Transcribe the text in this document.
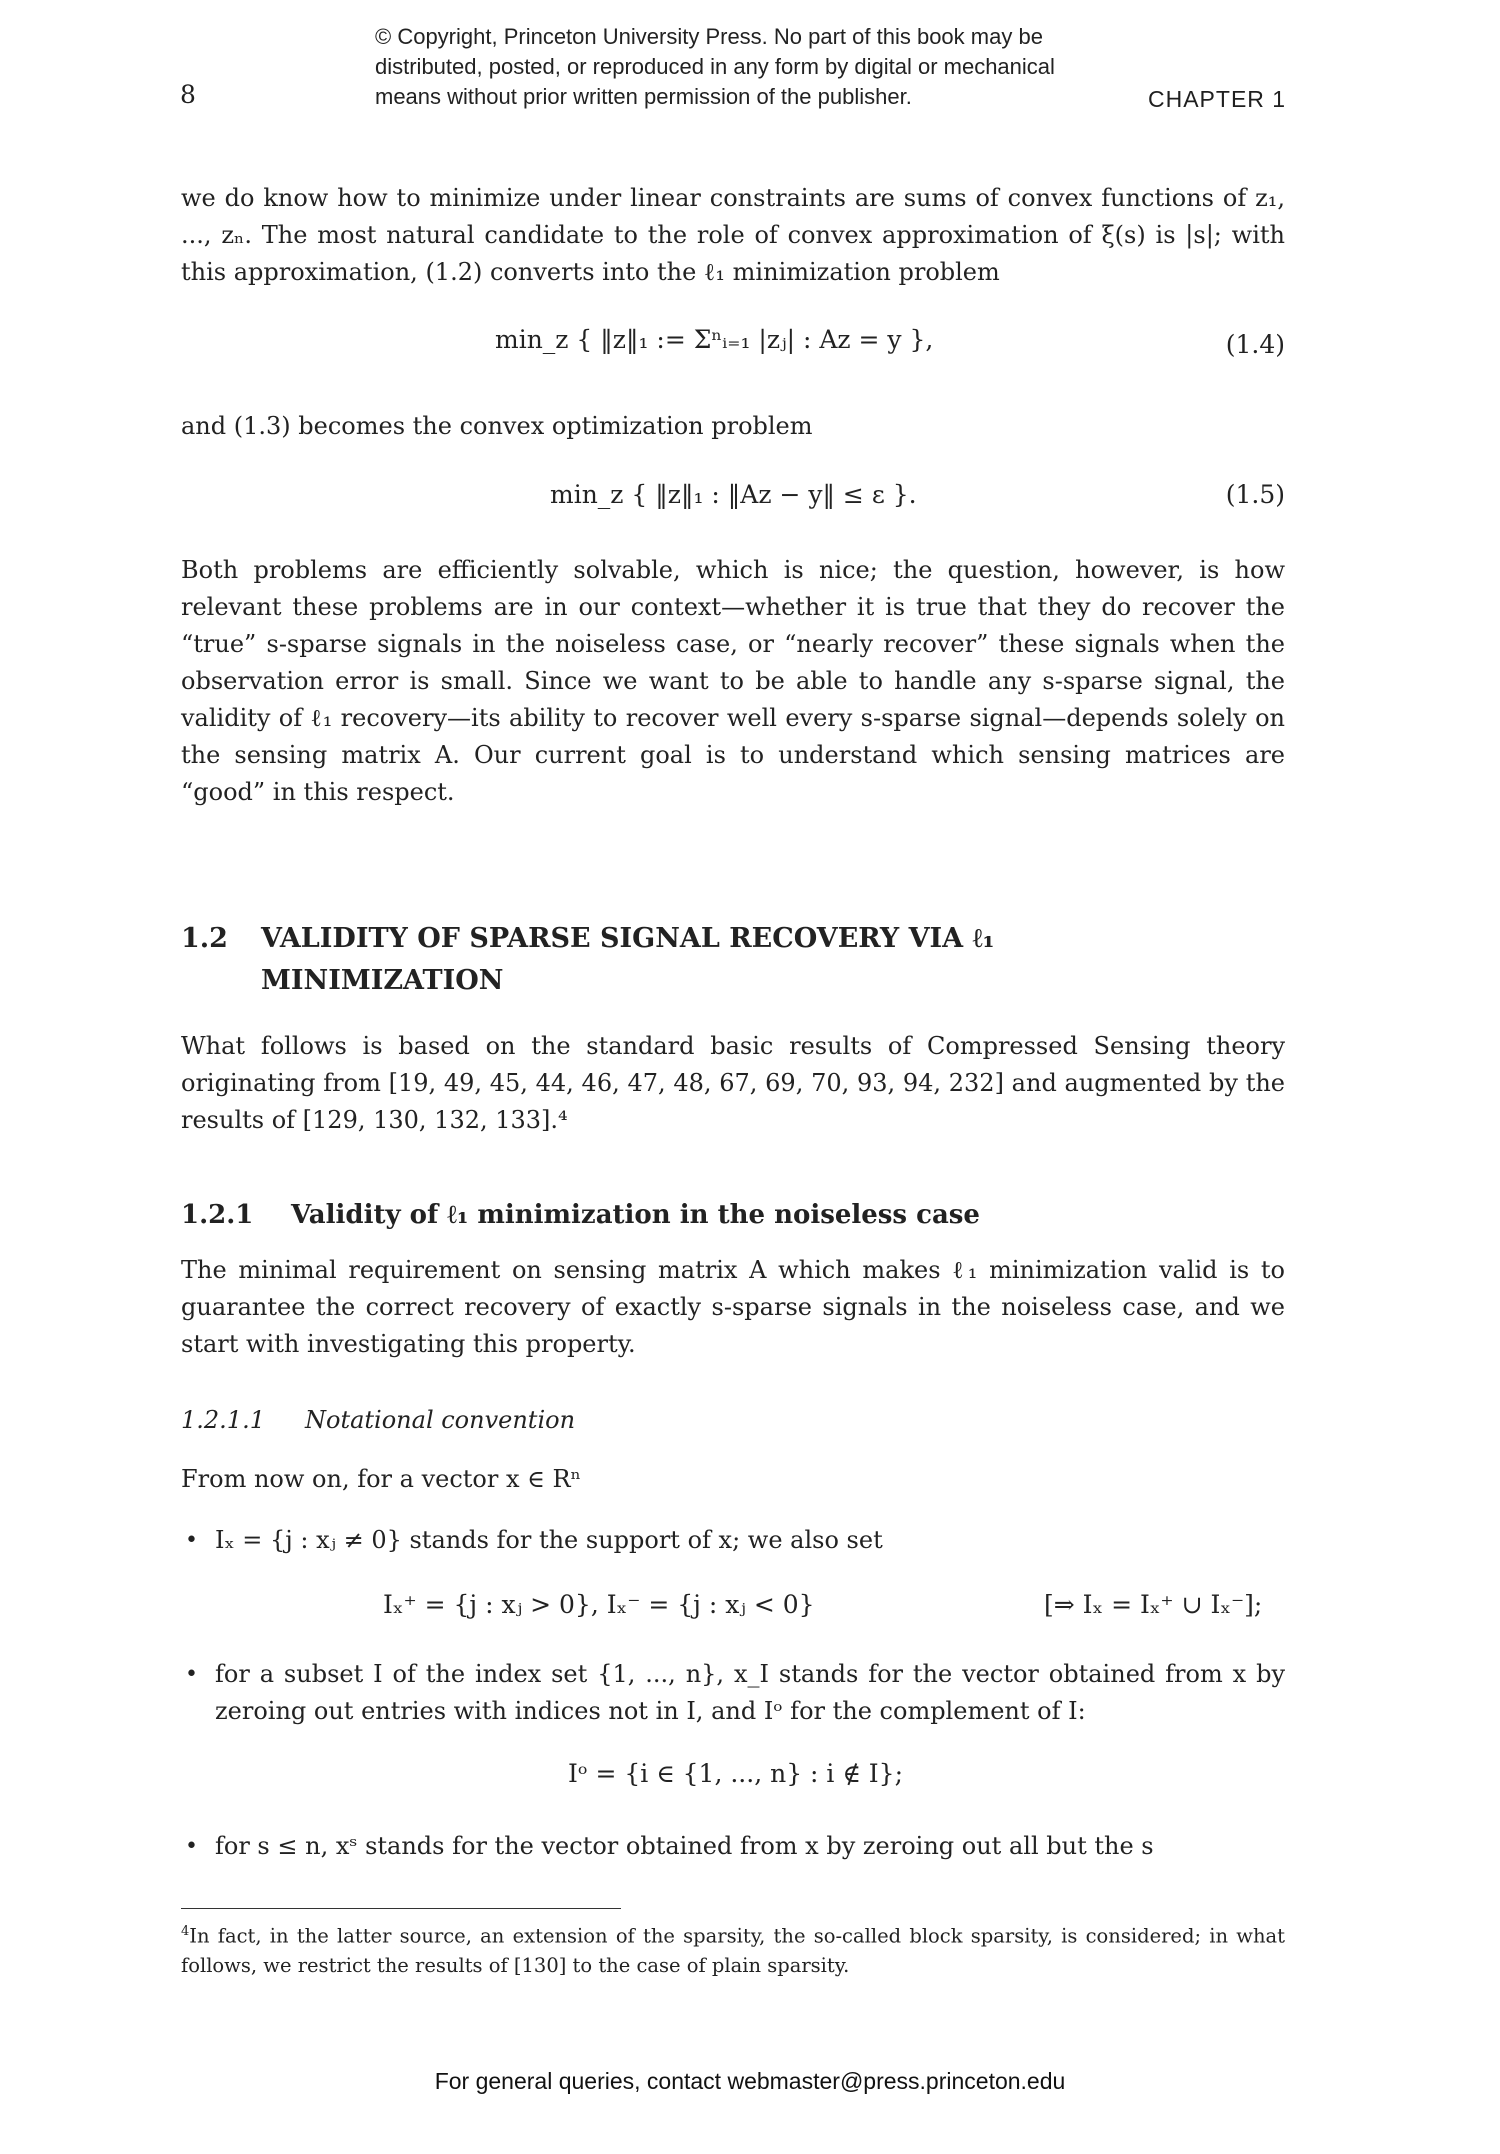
© Copyright, Princeton University Press. No part of this book may be
distributed, posted, or reproduced in any form by digital or mechanical
means without prior written permission of the publisher.
8	CHAPTER 1
we do know how to minimize under linear constraints are sums of convex functions of z₁, ..., zₙ. The most natural candidate to the role of convex approximation of ξ(s) is |s|; with this approximation, (1.2) converts into the ℓ₁ minimization problem
min_z { ‖z‖₁ := Σⁿᵢ₌₁ |zⱼ| : Az = y },	(1.4)
and (1.3) becomes the convex optimization problem
min_z { ‖z‖₁ : ‖Az − y‖ ≤ ε }.	(1.5)
Both problems are efficiently solvable, which is nice; the question, however, is how relevant these problems are in our context—whether it is true that they do recover the “true” s-sparse signals in the noiseless case, or “nearly recover” these signals when the observation error is small. Since we want to be able to handle any s-sparse signal, the validity of ℓ₁ recovery—its ability to recover well every s-sparse signal—depends solely on the sensing matrix A. Our current goal is to understand which sensing matrices are “good” in this respect.
1.2 VALIDITY OF SPARSE SIGNAL RECOVERY VIA ℓ₁
MINIMIZATION
What follows is based on the standard basic results of Compressed Sensing theory originating from [19, 49, 45, 44, 46, 47, 48, 67, 69, 70, 93, 94, 232] and augmented by the results of [129, 130, 132, 133].⁴
1.2.1 Validity of ℓ₁ minimization in the noiseless case
The minimal requirement on sensing matrix A which makes ℓ₁ minimization valid is to guarantee the correct recovery of exactly s-sparse signals in the noiseless case, and we start with investigating this property.
1.2.1.1 Notational convention
From now on, for a vector x ∈ Rⁿ
• Iₓ = {j : xⱼ ≠ 0} stands for the support of x; we also set
Iₓ⁺ = {j : xⱼ > 0}, Iₓ⁻ = {j : xⱼ < 0}	[⇒ Iₓ = Iₓ⁺ ∪ Iₓ⁻];
• for a subset I of the index set {1, ..., n}, x_I stands for the vector obtained from x by zeroing out entries with indices not in I, and Iᵒ for the complement of I:
Iᵒ = {i ∈ {1, ..., n} : i ∉ I};
• for s ≤ n, xˢ stands for the vector obtained from x by zeroing out all but the s
$^4$In fact, in the latter source, an extension of the sparsity, the so-called block sparsity, is considered; in what follows, we restrict the results of [130] to the case of plain sparsity.
For general queries, contact webmaster@press.princeton.edu
